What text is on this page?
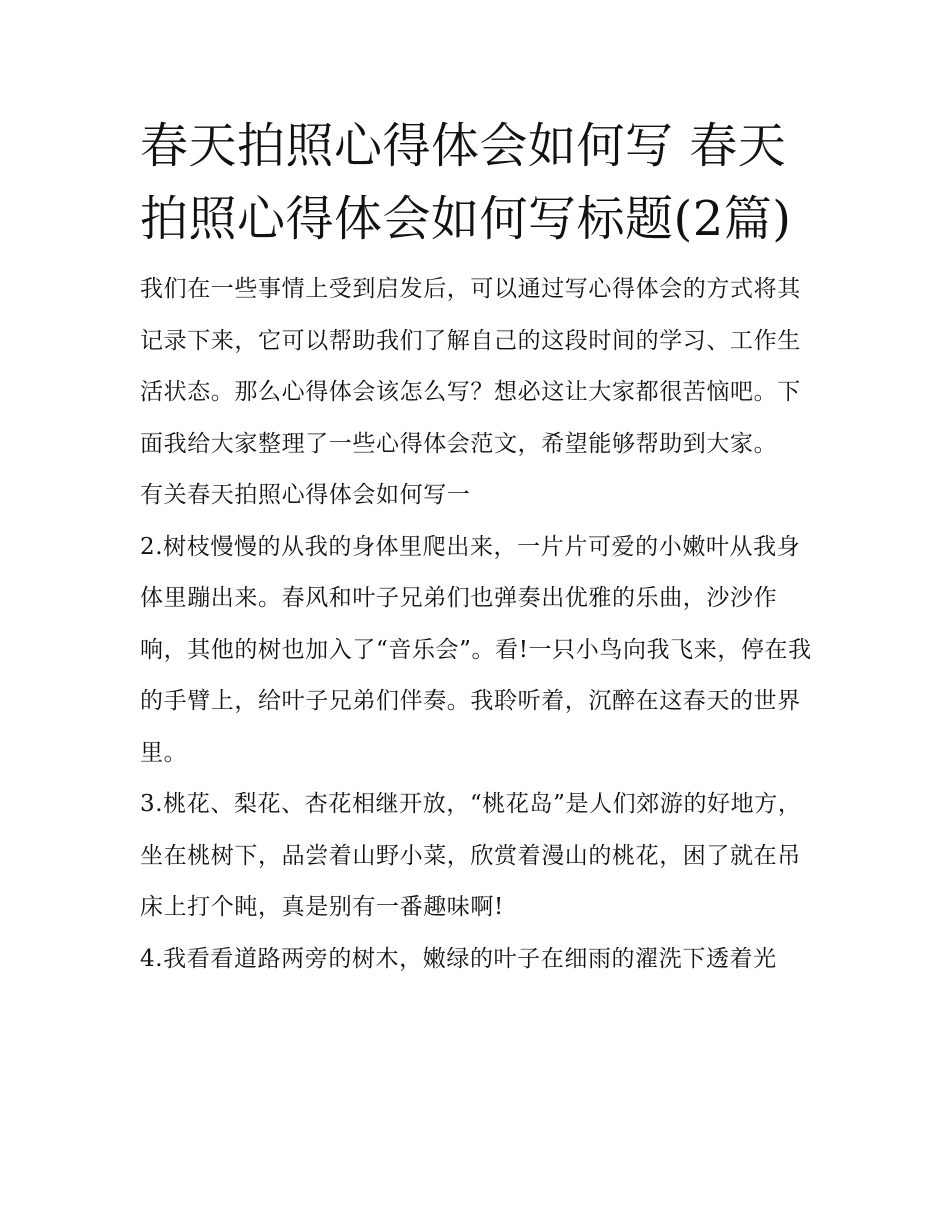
春天拍照心得体会如何写 春天拍照心得体会如何写标题(2篇)

我们在一些事情上受到启发后，可以通过写心得体会的方式将其记录下来，它可以帮助我们了解自己的这段时间的学习、工作生活状态。那么心得体会该怎么写？想必这让大家都很苦恼吧。下面我给大家整理了一些心得体会范文，希望能够帮助到大家。

有关春天拍照心得体会如何写一

2.树枝慢慢的从我的身体里爬出来，一片片可爱的小嫩叶从我身体里蹦出来。春风和叶子兄弟们也弹奏出优雅的乐曲，沙沙作响，其他的树也加入了“音乐会”。看!一只小鸟向我飞来，停在我的手臂上，给叶子兄弟们伴奏。我聆听着，沉醉在这春天的世界里。

3.桃花、梨花、杏花相继开放，“桃花岛”是人们郊游的好地方，坐在桃树下，品尝着山野小菜，欣赏着漫山的桃花，困了就在吊床上打个盹，真是别有一番趣味啊!

4.我看看道路两旁的树木，嫩绿的叶子在细雨的濯洗下透着光
